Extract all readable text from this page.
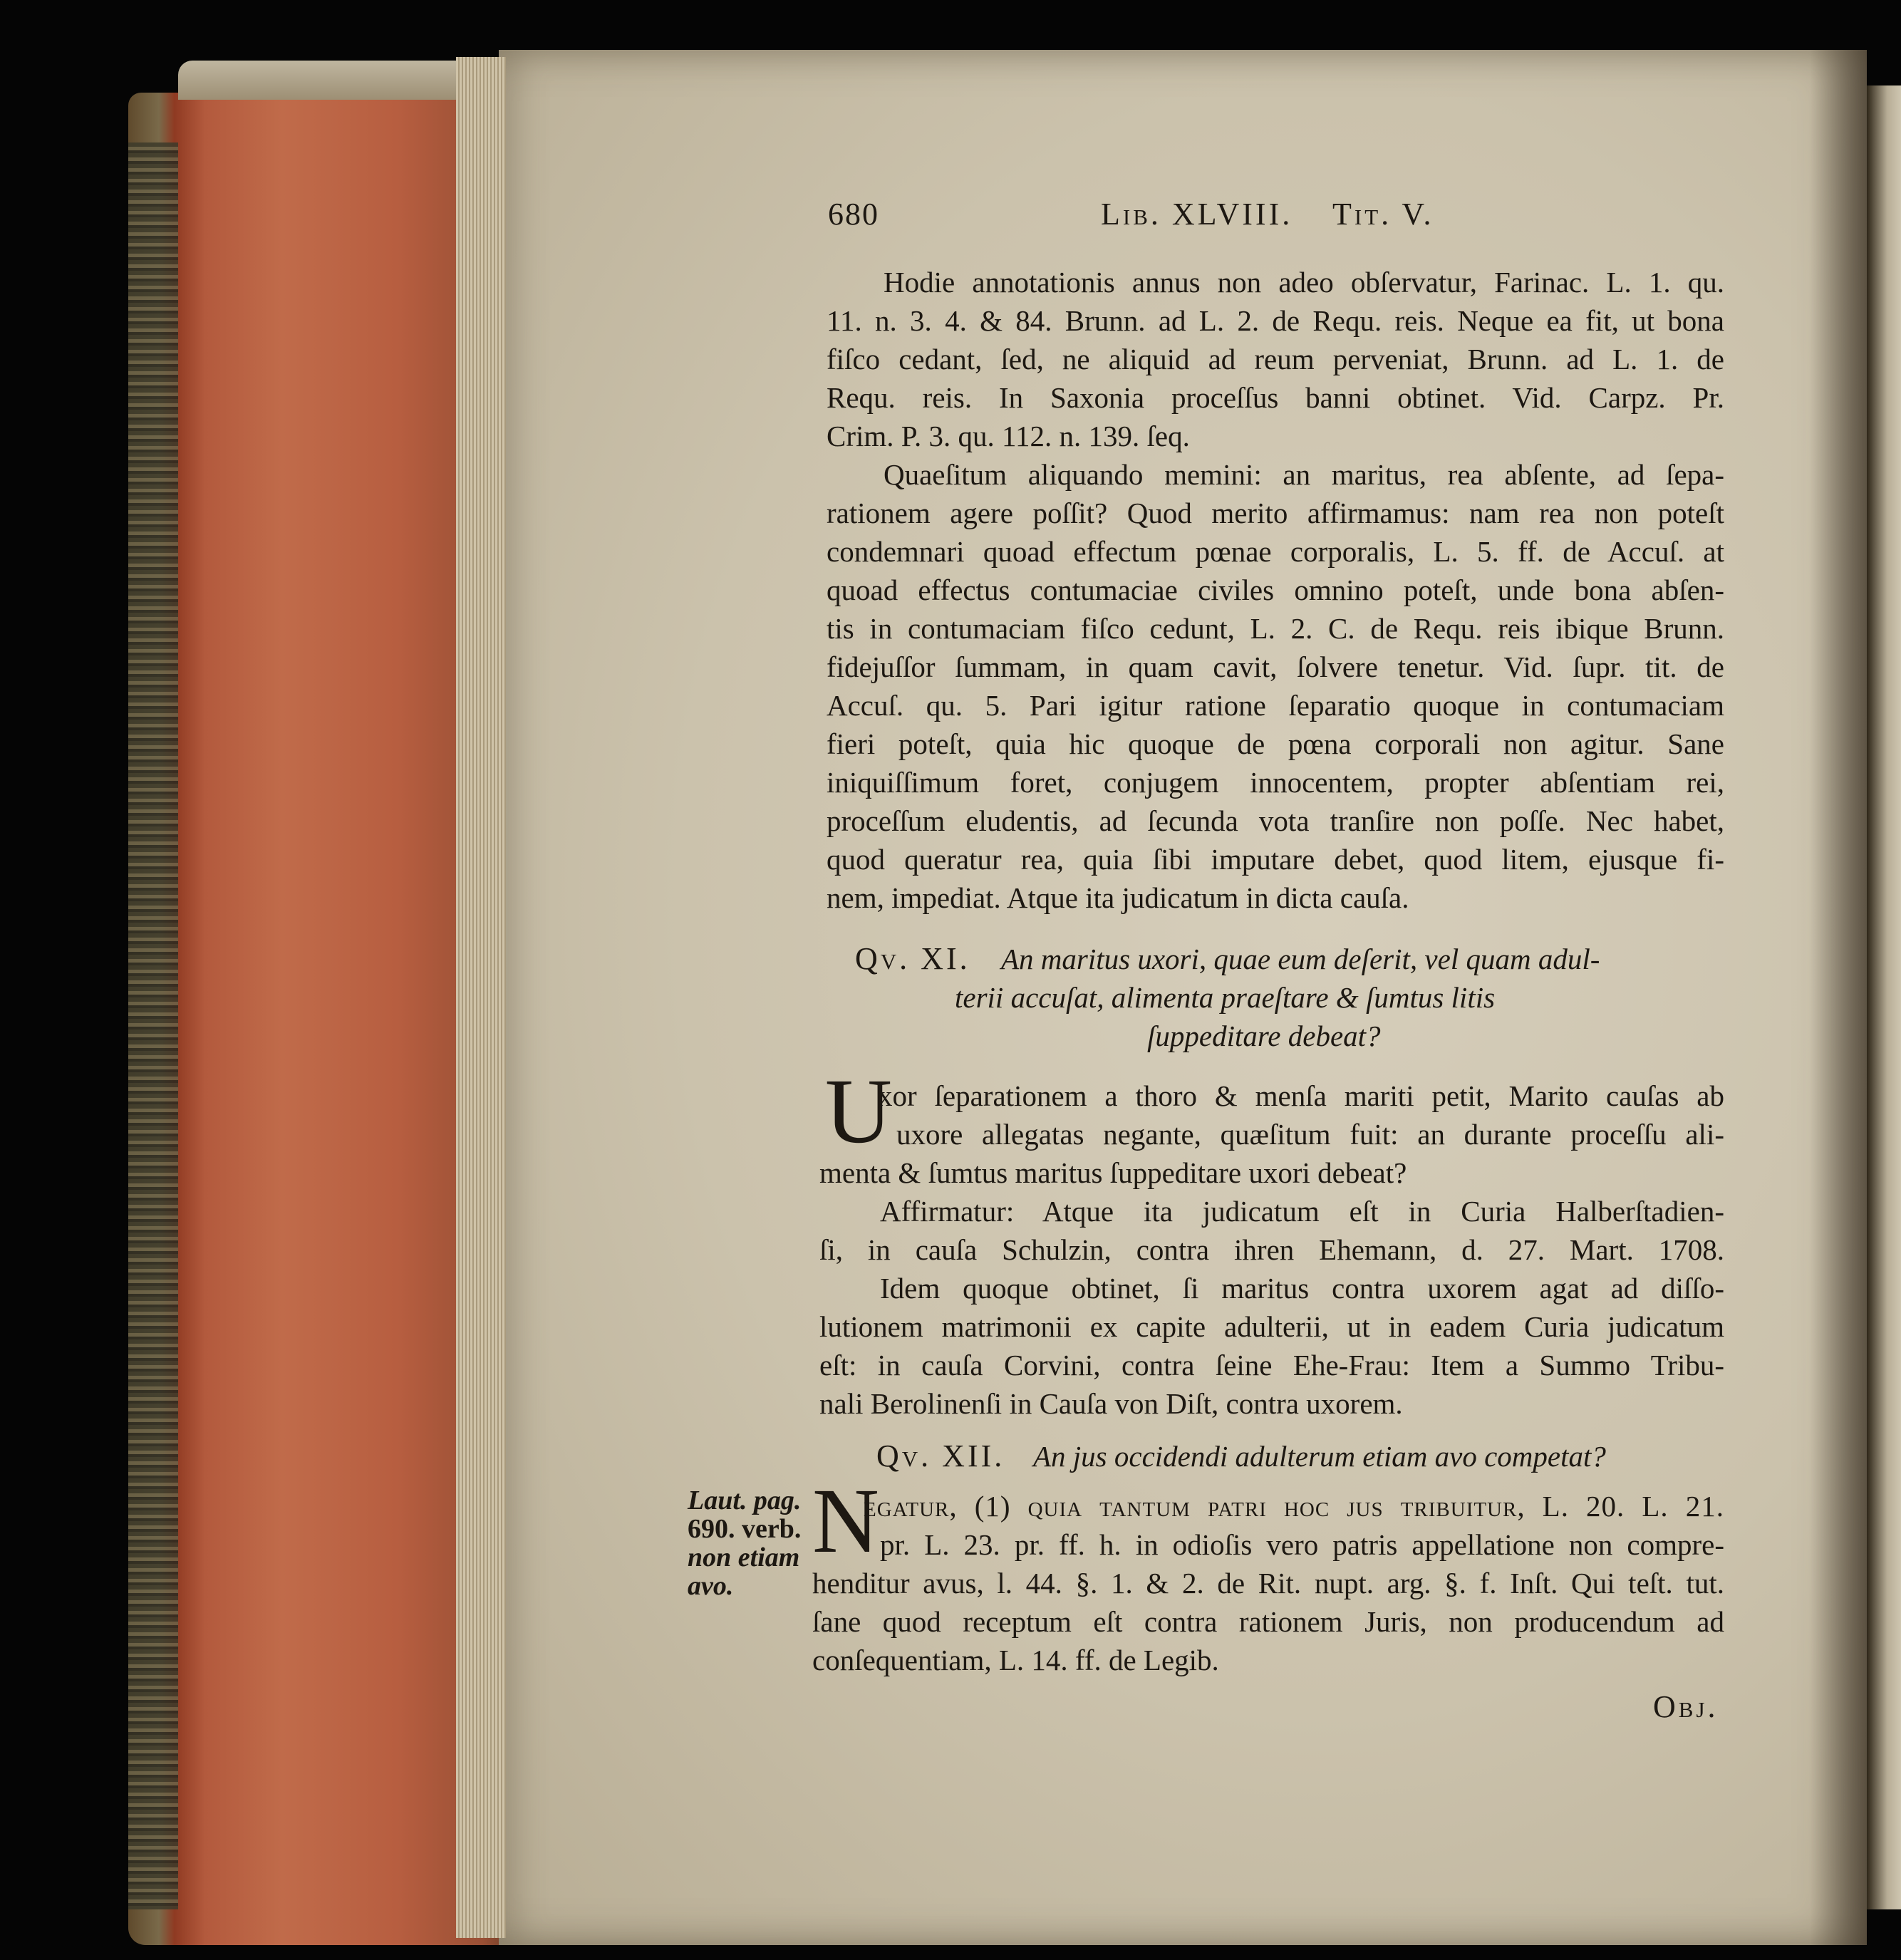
680	Lib. XLVIII. Tit. V.
Hodie annotationis annus non adeo obſervatur, Farinac. L. 1. qu.
11. n. 3. 4. & 84. Brunn. ad L. 2. de Requ. reis. Neque ea fit, ut bona
fiſco cedant, ſed, ne aliquid ad reum perveniat, Brunn. ad L. 1. de
Requ. reis. In Saxonia proceſſus banni obtinet. Vid. Carpz. Pr.
Crim. P. 3. qu. 112. n. 139. ſeq.
Quaeſitum aliquando memini: an maritus, rea abſente, ad ſepa-
rationem agere poſſit? Quod merito affirmamus: nam rea non poteſt
condemnari quoad effectum pœnae corporalis, L. 5. ff. de Accuſ. at
quoad effectus contumaciae civiles omnino poteſt, unde bona abſen-
tis in contumaciam fiſco cedunt, L. 2. C. de Requ. reis ibique Brunn.
fidejuſſor ſummam, in quam cavit, ſolvere tenetur. Vid. ſupr. tit. de
Accuſ. qu. 5. Pari igitur ratione ſeparatio quoque in contumaciam
fieri poteſt, quia hic quoque de pœna corporali non agitur. Sane
iniquiſſimum foret, conjugem innocentem, propter abſentiam rei,
proceſſum eludentis, ad ſecunda vota tranſire non poſſe. Nec habet,
quod queratur rea, quia ſibi imputare debet, quod litem, ejusque fi-
nem, impediat. Atque ita judicatum in dicta cauſa.
Qv. XI. An maritus uxori, quae eum deſerit, vel quam adul-
terii accuſat, alimenta praeſtare & ſumtus litis
ſuppeditare debeat?
U
xor ſeparationem a thoro & menſa mariti petit, Marito cauſas ab
uxore allegatas negante, quæſitum fuit: an durante proceſſu ali-
menta & ſumtus maritus ſuppeditare uxori debeat?
Affirmatur: Atque ita judicatum eſt in Curia Halberſtadien-
ſi, in cauſa Schulzin, contra ihren Ehemann, d. 27. Mart. 1708.
Idem quoque obtinet, ſi maritus contra uxorem agat ad diſſo-
lutionem matrimonii ex capite adulterii, ut in eadem Curia judicatum
eſt: in cauſa Corvini, contra ſeine Ehe-Frau: Item a Summo Tribu-
nali Berolinenſi in Cauſa von Diſt, contra uxorem.
Qv. XII. An jus occidendi adulterum etiam avo competat?
Laut. pag.
690. verb.
non etiam
avo.
N
egatur, (1) quia tantum patri hoc jus tribuitur, L. 20. L. 21.
pr. L. 23. pr. ff. h. in odioſis vero patris appellatione non compre-
henditur avus, l. 44. §. 1. & 2. de Rit. nupt. arg. §. f. Inſt. Qui teſt. tut.
ſane quod receptum eſt contra rationem Juris, non producendum ad
conſequentiam, L. 14. ff. de Legib.
Obj.
